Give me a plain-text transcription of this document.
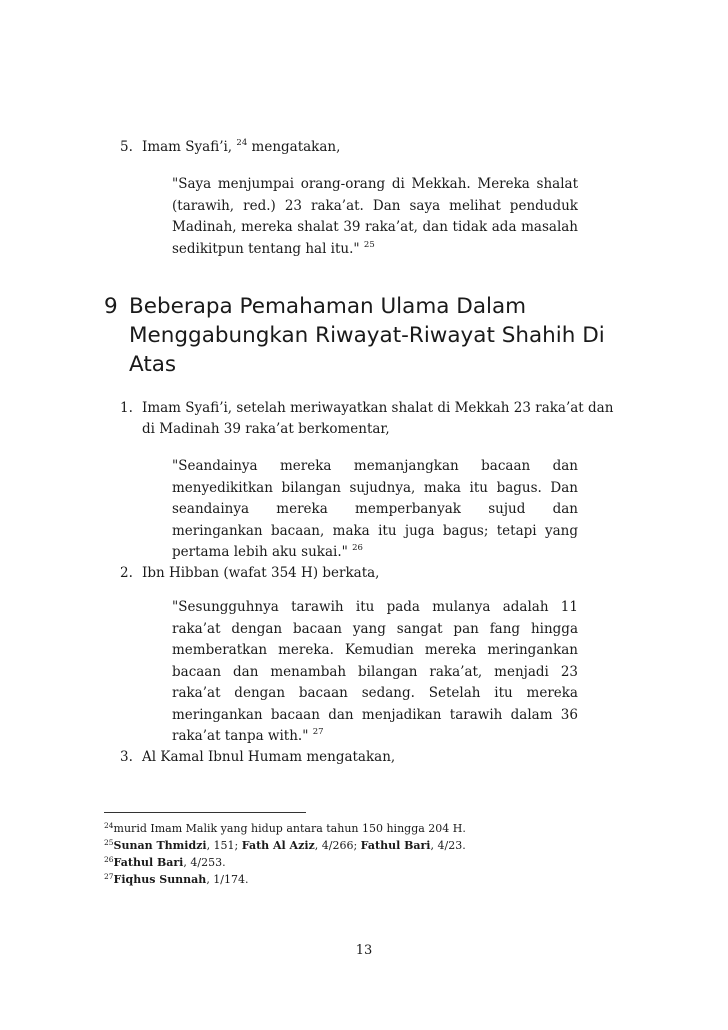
5. Imam Syafi’i, $^{24}$ mengatakan,
"Saya menjumpai orang-orang di Mekkah. Mereka shalat (tarawih, red.) 23 raka’at. Dan saya melihat penduduk Madinah, mereka shalat 39 raka’at, dan tidak ada masalah sedikitpun tentang hal itu." $^{25}$
9 Beberapa Pemahaman Ulama Dalam Menggabungkan Riwayat-Riwayat Shahih Di Atas
1. Imam Syafi’i, setelah meriwayatkan shalat di Mekkah 23 raka’at dan di Madinah 39 raka’at berkomentar,
"Seandainya mereka memanjangkan bacaan dan menyedikitkan bilangan sujudnya, maka itu bagus. Dan seandainya mereka memperbanyak sujud dan meringankan bacaan, maka itu juga bagus; tetapi yang pertama lebih aku sukai." $^{26}$
2. Ibn Hibban (wafat 354 H) berkata,
"Sesungguhnya tarawih itu pada mulanya adalah 11 raka’at dengan bacaan yang sangat pan fang hingga memberatkan mereka. Kemudian mereka meringankan bacaan dan menambah bilangan raka’at, menjadi 23 raka’at dengan bacaan sedang. Setelah itu mereka meringankan bacaan dan menjadikan tarawih dalam 36 raka’at tanpa with." $^{27}$
3. Al Kamal Ibnul Humam mengatakan,
$^{24}$murid Imam Malik yang hidup antara tahun 150 hingga 204 H.
$^{25}$Sunan Thmidzi, 151; Fath Al Aziz, 4/266; Fathul Bari, 4/23.
$^{26}$Fathul Bari, 4/253.
$^{27}$Fiqhus Sunnah, 1/174.
13
